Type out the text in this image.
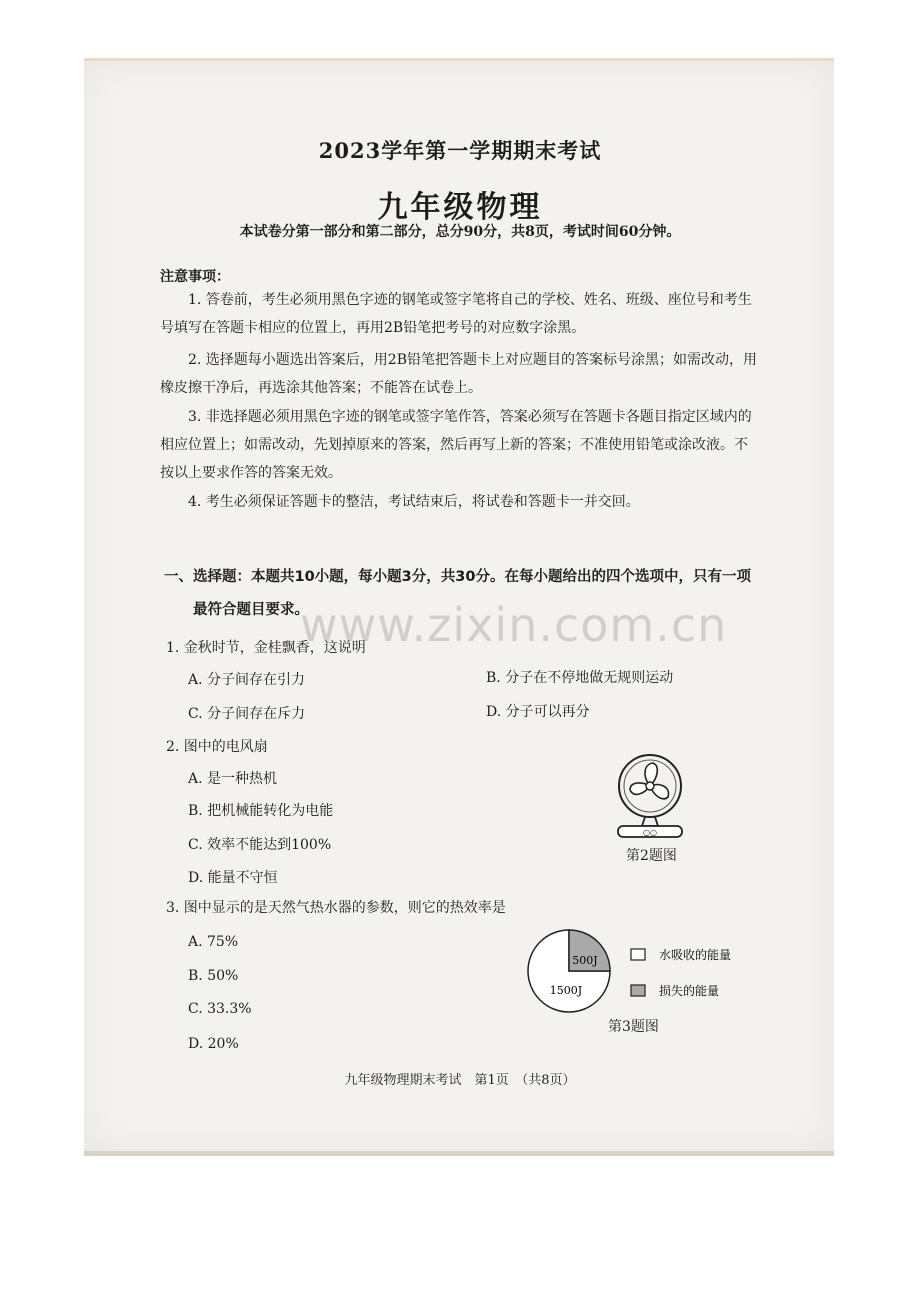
2023学年第一学期期末考试
九年级物理
本试卷分第一部分和第二部分，总分90分，共8页，考试时间60分钟。
注意事项：
1. 答卷前，考生必须用黑色字迹的钢笔或签字笔将自己的学校、姓名、班级、座位号和考生号填写在答题卡相应的位置上，再用2B铅笔把考号的对应数字涂黑。
2. 选择题每小题选出答案后，用2B铅笔把答题卡上对应题目的答案标号涂黑；如需改动，用橡皮擦干净后，再选涂其他答案；不能答在试卷上。
3. 非选择题必须用黑色字迹的钢笔或签字笔作答，答案必须写在答题卡各题目指定区域内的相应位置上；如需改动，先划掉原来的答案，然后再写上新的答案；不准使用铅笔或涂改液。不按以上要求作答的答案无效。
4. 考生必须保证答题卡的整洁，考试结束后，将试卷和答题卡一并交回。
一、选择题：本题共10小题，每小题3分，共30分。在每小题给出的四个选项中，只有一项
最符合题目要求。
1. 金秋时节，金桂飘香，这说明
A. 分子间存在引力	B. 分子在不停地做无规则运动
C. 分子间存在斥力	D. 分子可以再分
2. 图中的电风扇
A. 是一种热机
B. 把机械能转化为电能
C. 效率不能达到100%
D. 能量不守恒
○○
第2题图
3. 图中显示的是天然气热水器的参数，则它的热效率是
A. 75%
B. 50%
C. 33.3%
D. 20%
500J
1500J
水吸收的能量
损失的能量
第3题图
九年级物理期末考试　第1页　（共8页）
www.zixin.com.cn
